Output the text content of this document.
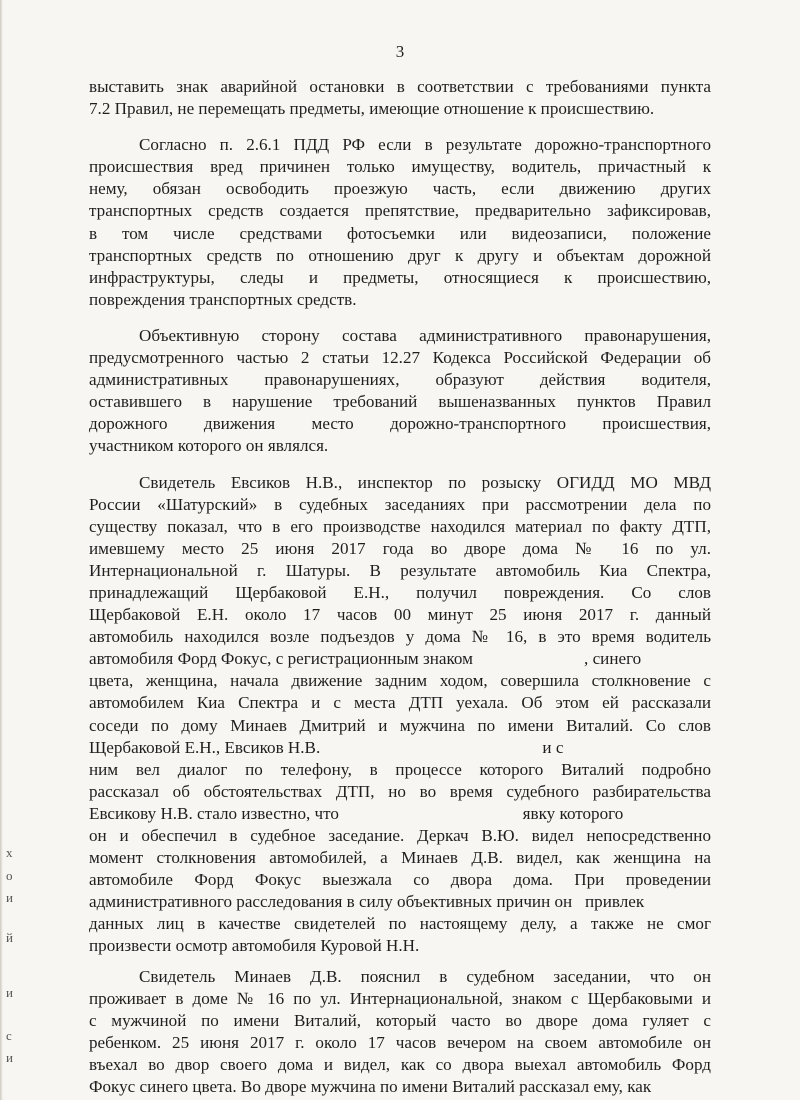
х
о
и
й
и
с
и
3
выставить знак аварийной остановки в соответствии с требованиями пункта
7.2 Правил, не перемещать предметы, имеющие отношение к происшествию.
Согласно п. 2.6.1 ПДД РФ если в результате дорожно-транспортного
происшествия вред причинен только имуществу, водитель, причастный к
нему, обязан освободить проезжую часть, если движению других
транспортных средств создается препятствие, предварительно зафиксировав,
в том числе средствами фотосъемки или видеозаписи, положение
транспортных средств по отношению друг к другу и объектам дорожной
инфраструктуры, следы и предметы, относящиеся к происшествию,
повреждения транспортных средств.
Объективную сторону состава административного правонарушения,
предусмотренного частью 2 статьи 12.27 Кодекса Российской Федерации об
административных правонарушениях, образуют действия водителя,
оставившего в нарушение требований вышеназванных пунктов Правил
дорожного движения место дорожно-транспортного происшествия,
участником которого он являлся.
Свидетель Евсиков Н.В., инспектор по розыску ОГИДД МО МВД
России «Шатурский» в судебных заседаниях при рассмотрении дела по
существу показал, что в его производстве находился материал по факту ДТП,
имевшему место 25 июня 2017 года во дворе дома № 16 по ул.
Интернациональной г. Шатуры. В результате автомобиль Киа Спектра,
принадлежащий Щербаковой Е.Н., получил повреждения. Со слов
Щербаковой Е.Н. около 17 часов 00 минут 25 июня 2017 г. данный
автомобиль находился возле подъездов у дома № 16, в это время водитель
автомобиля Форд Фокус, с регистрационным знаком                          , синего
цвета, женщина, начала движение задним ходом, совершила столкновение с
автомобилем Киа Спектра и с места ДТП уехала. Об этом ей рассказали
соседи по дому Минаев Дмитрий и мужчина по имени Виталий. Со слов
Щербаковой Е.Н., Евсиков Н.В.                                                    и с
ним вел диалог по телефону, в процессе которого Виталий подробно
рассказал об обстоятельствах ДТП, но во время судебного разбирательства
Евсикову Н.В. стало известно, что                                           явку которого
он и обеспечил в судебное заседание. Деркач В.Ю. видел непосредственно
момент столкновения автомобилей, а Минаев Д.В. видел, как женщина на
автомобиле Форд Фокус выезжала со двора дома. При проведении
административного расследования в силу объективных причин он   привлек
данных лиц в качестве свидетелей по настоящему делу, а также не смог
произвести осмотр автомобиля Куровой Н.Н.
Свидетель Минаев Д.В. пояснил в судебном заседании, что он
проживает в доме № 16 по ул. Интернациональной, знаком с Щербаковыми и
с мужчиной по имени Виталий, который часто во дворе дома гуляет с
ребенком. 25 июня 2017 г. около 17 часов вечером на своем автомобиле он
въехал во двор своего дома и видел, как со двора выехал автомобиль Форд
Фокус синего цвета. Во дворе мужчина по имени Виталий рассказал ему, как
